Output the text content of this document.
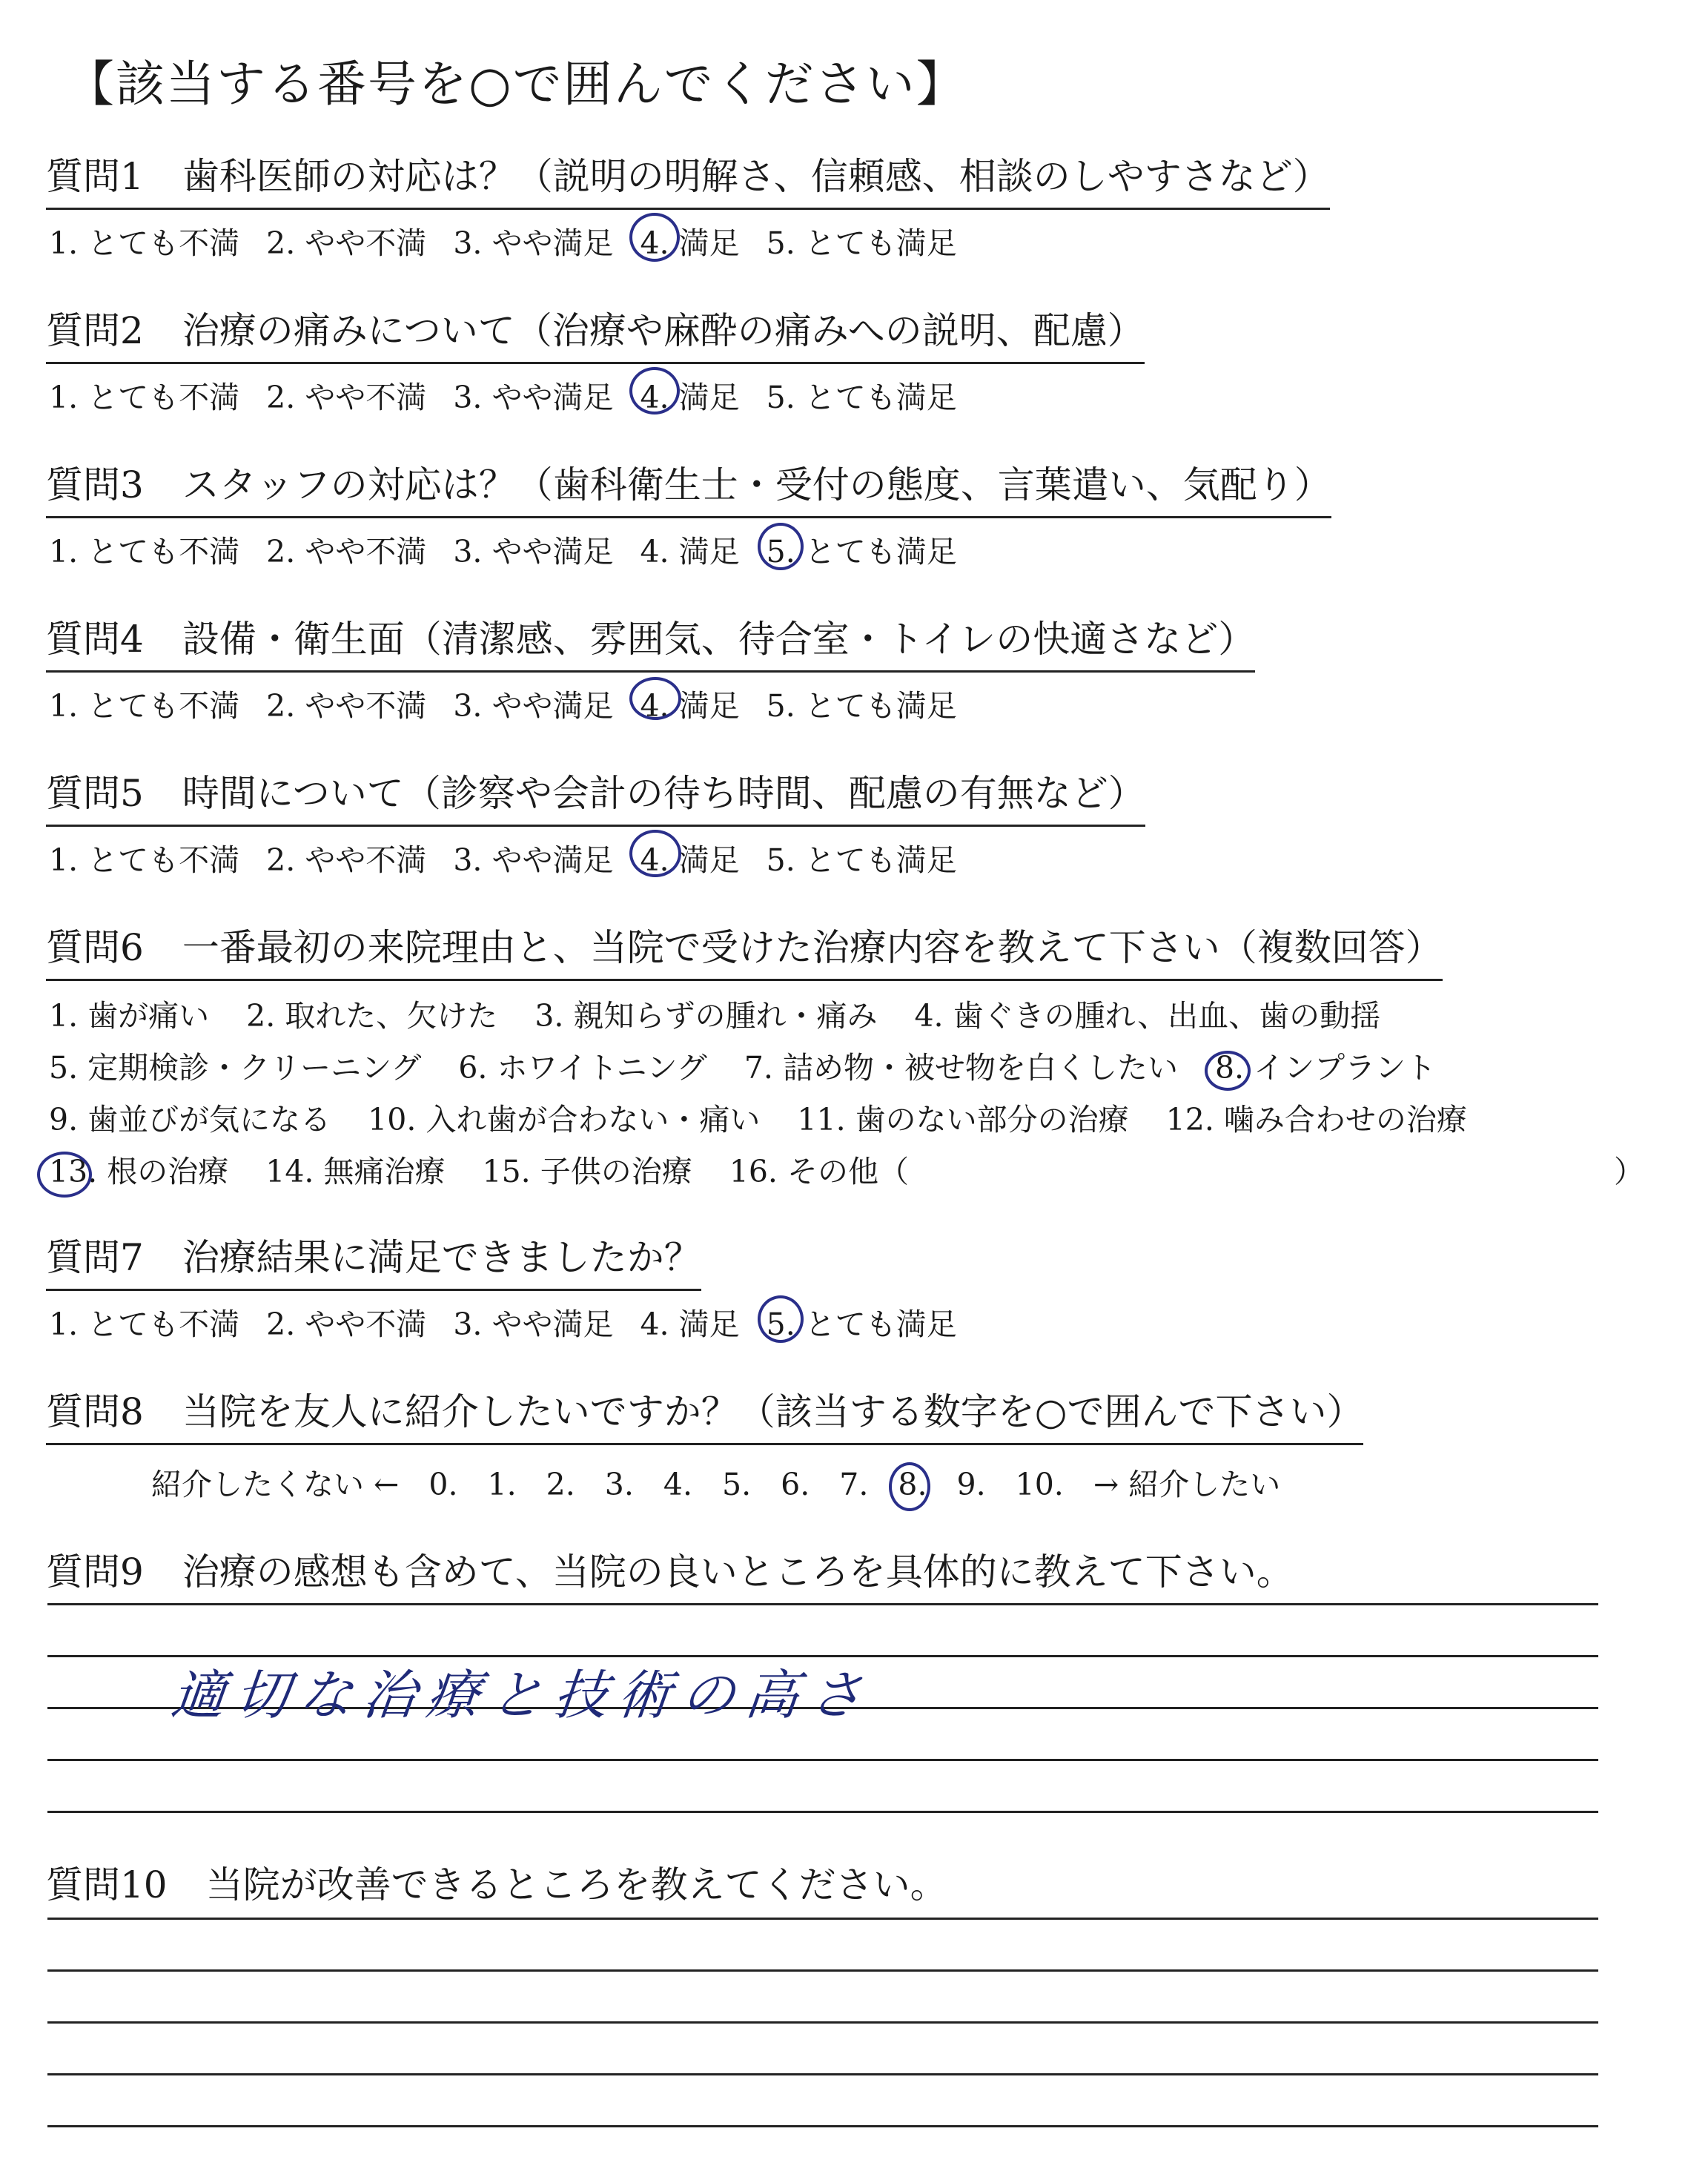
【該当する番号を○で囲んでください】
質問1 歯科医師の対応は？（説明の明解さ、信頼感、相談のしやすさなど）
1. とても不満 2. やや不満 3. やや満足 4. 満足 5. とても満足
質問2 治療の痛みについて（治療や麻酔の痛みへの説明、配慮）
1. とても不満 2. やや不満 3. やや満足 4. 満足 5. とても満足
質問3 スタッフの対応は？（歯科衛生士・受付の態度、言葉遣い、気配り）
1. とても不満 2. やや不満 3. やや満足 4. 満足 5. とても満足
質問4 設備・衛生面（清潔感、雰囲気、待合室・トイレの快適さなど）
1. とても不満 2. やや不満 3. やや満足 4. 満足 5. とても満足
質問5 時間について（診察や会計の待ち時間、配慮の有無など）
1. とても不満 2. やや不満 3. やや満足 4. 満足 5. とても満足
質問6 一番最初の来院理由と、当院で受けた治療内容を教えて下さい（複数回答）
1. 歯が痛い 2. 取れた、欠けた 3. 親知らずの腫れ・痛み 4. 歯ぐきの腫れ、出血、歯の動揺
5. 定期検診・クリーニング 6. ホワイトニング 7. 詰め物・被せ物を白くしたい 8. インプラント
9. 歯並びが気になる 10. 入れ歯が合わない・痛い 11. 歯のない部分の治療 12. 噛み合わせの治療
13. 根の治療 14. 無痛治療 15. 子供の治療 16. その他（	）
質問7 治療結果に満足できましたか？
1. とても不満 2. やや不満 3. やや満足 4. 満足 5. とても満足
質問8 当院を友人に紹介したいですか？（該当する数字を○で囲んで下さい）
紹介したくない ← 0. 1. 2. 3. 4. 5. 6. 7. 8. 9. 10. → 紹介したい
質問9 治療の感想も含めて、当院の良いところを具体的に教えて下さい。
適切な治療と技術の高さ
質問10 当院が改善できるところを教えてください。
